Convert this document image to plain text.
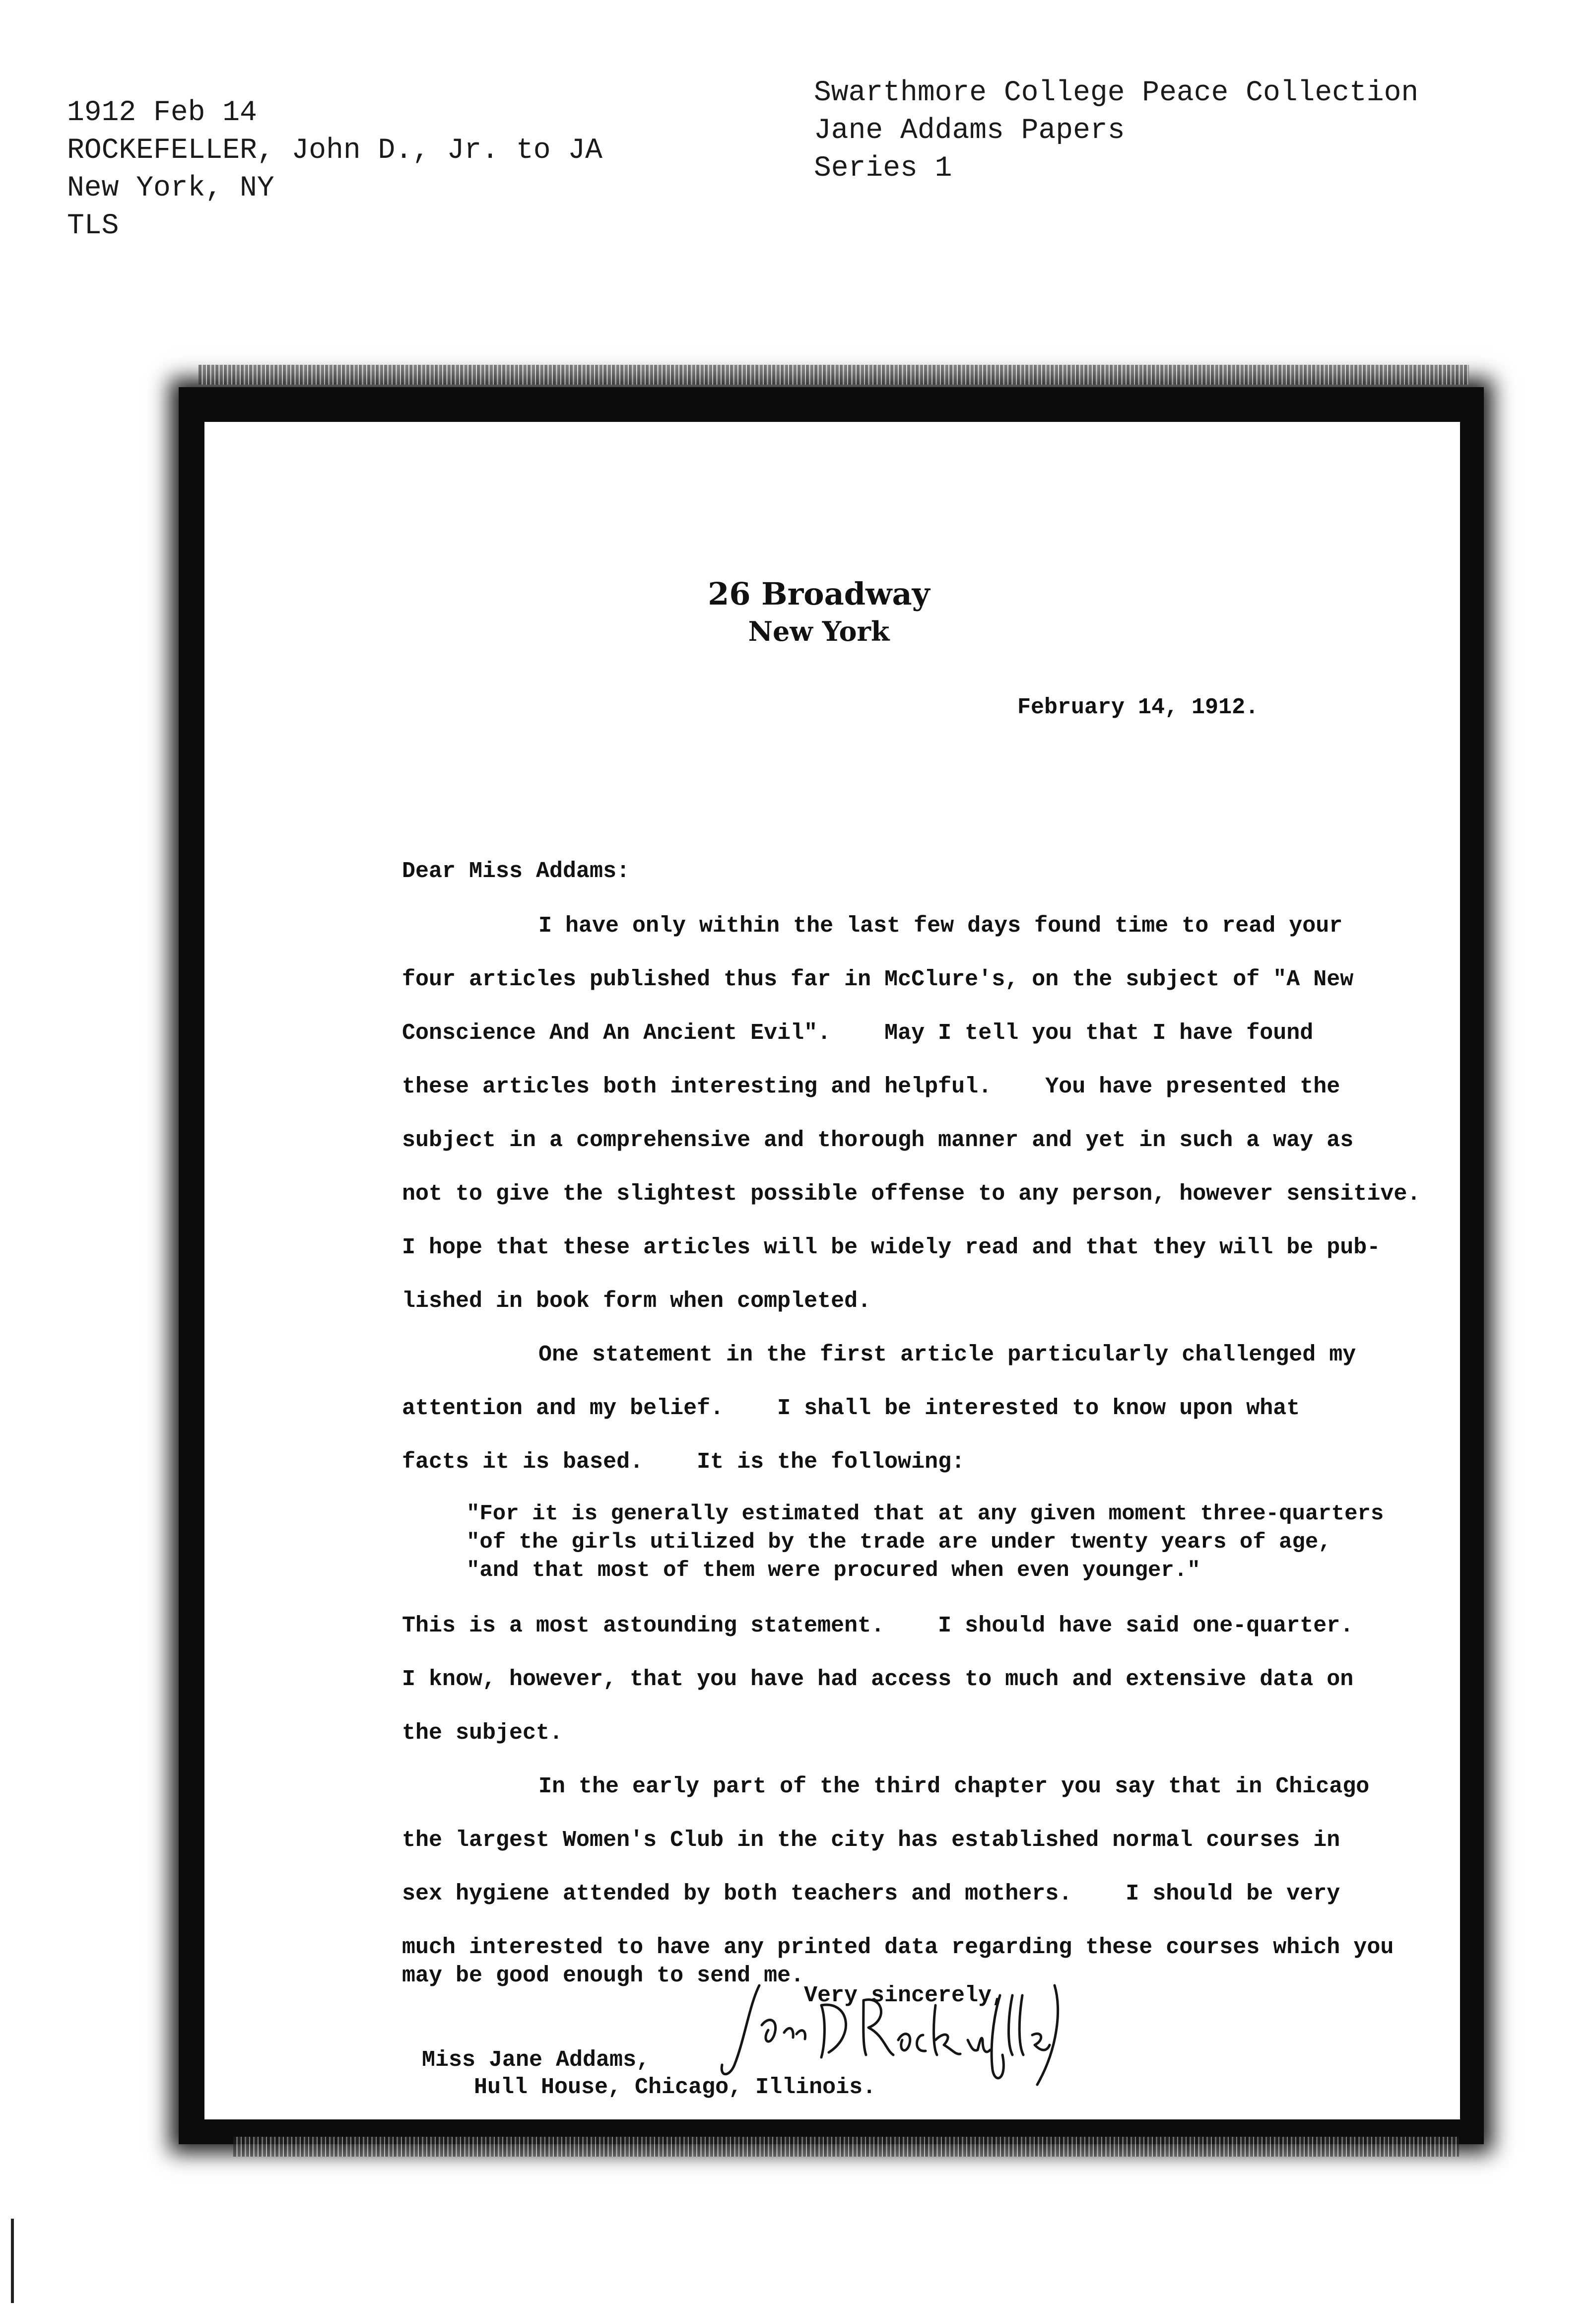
1912 Feb 14
ROCKEFELLER, John D., Jr. to JA
New York, NY
TLS
Swarthmore College Peace Collection
Jane Addams Papers
Series 1
26 Broadway
New York
February 14, 1912.
Dear Miss Addams:
I have only within the last few days found time to read your
four articles published thus far in McClure's, on the subject of "A New
Conscience And An Ancient Evil".    May I tell you that I have found
these articles both interesting and helpful.    You have presented the
subject in a comprehensive and thorough manner and yet in such a way as
not to give the slightest possible offense to any person, however sensitive.
I hope that these articles will be widely read and that they will be pub-
lished in book form when completed.
One statement in the first article particularly challenged my
attention and my belief.    I shall be interested to know upon what
facts it is based.    It is the following:
"For it is generally estimated that at any given moment three-quarters
"of the girls utilized by the trade are under twenty years of age,
"and that most of them were procured when even younger."
This is a most astounding statement.    I should have said one-quarter.
I know, however, that you have had access to much and extensive data on
the subject.
In the early part of the third chapter you say that in Chicago
the largest Women's Club in the city has established normal courses in
sex hygiene attended by both teachers and mothers.    I should be very
much interested to have any printed data regarding these courses which you
may be good enough to send me.
Very sincerely,
Miss Jane Addams,
Hull House, Chicago, Illinois.
